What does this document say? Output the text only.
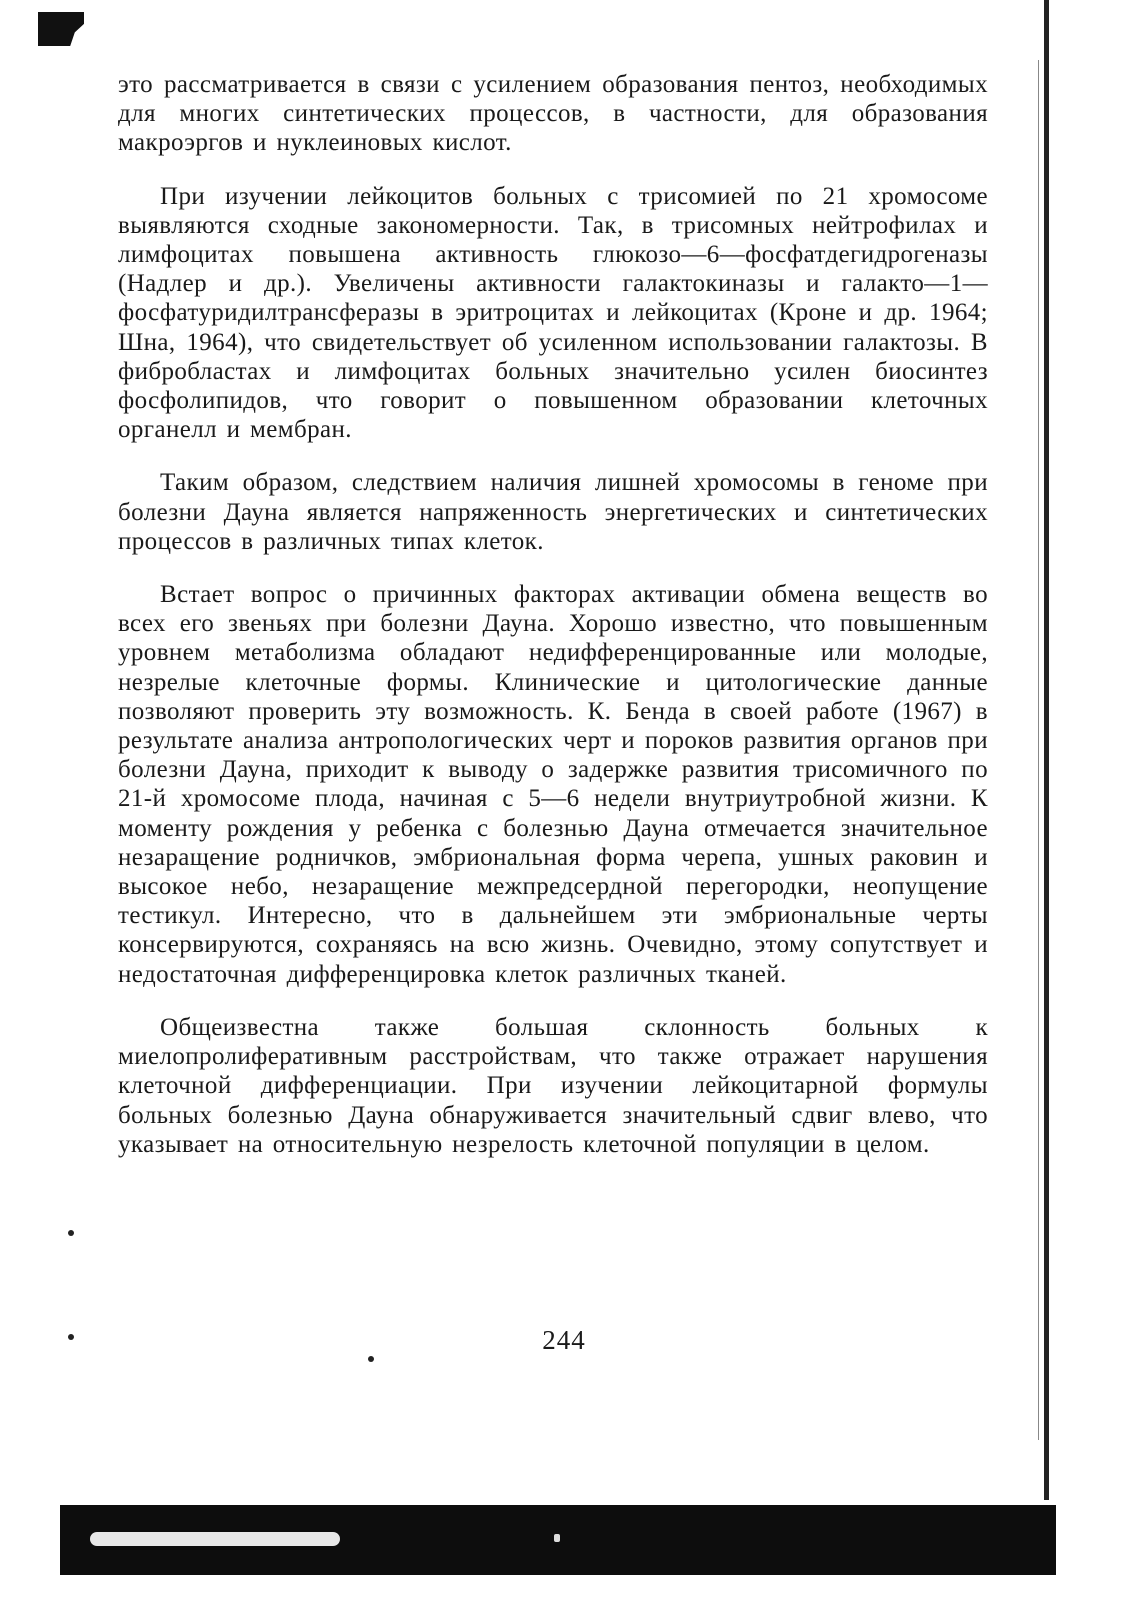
это рассматривается в связи с усилением образования пентоз, необходимых для многих синтетических процессов, в частности, для образования макроэргов и нуклеиновых кислот.

При изучении лейкоцитов больных с трисомией по 21 хромосоме выявляются сходные закономерности. Так, в трисомных нейтрофилах и лимфоцитах повышена активность глюкозо—6—фосфатдегидрогеназы (Надлер и др.). Увеличены активности галактокиназы и галакто—1—фосфатуридилтрансферазы в эритроцитах и лейкоцитах (Кроне и др. 1964; Шна, 1964), что свидетельствует об усиленном использовании галактозы. В фибробластах и лимфоцитах больных значительно усилен биосинтез фосфолипидов, что говорит о повышенном образовании клеточных органелл и мембран.

Таким образом, следствием наличия лишней хромосомы в геноме при болезни Дауна является напряженность энергетических и синтетических процессов в различных типах клеток.

Встает вопрос о причинных факторах активации обмена веществ во всех его звеньях при болезни Дауна. Хорошо известно, что повышенным уровнем метаболизма обладают недифференцированные или молодые, незрелые клеточные формы. Клинические и цитологические данные позволяют проверить эту возможность. К. Бенда в своей работе (1967) в результате анализа антропологических черт и пороков развития органов при болезни Дауна, приходит к выводу о задержке развития трисомичного по 21-й хромосоме плода, начиная с 5—6 недели внутриутробной жизни. К моменту рождения у ребенка с болезнью Дауна отмечается значительное незаращение родничков, эмбриональная форма черепа, ушных раковин и высокое небо, незаращение межпредсердной перегородки, неопущение тестикул. Интересно, что в дальнейшем эти эмбриональные черты консервируются, сохраняясь на всю жизнь. Очевидно, этому сопутствует и недостаточная дифференцировка клеток различных тканей.

Общеизвестна также большая склонность больных к миелопролиферативным расстройствам, что также отражает нарушения клеточной дифференциации. При изучении лейкоцитарной формулы больных болезнью Дауна обнаруживается значительный сдвиг влево, что указывает на относительную незрелость клеточной популяции в целом.

244
